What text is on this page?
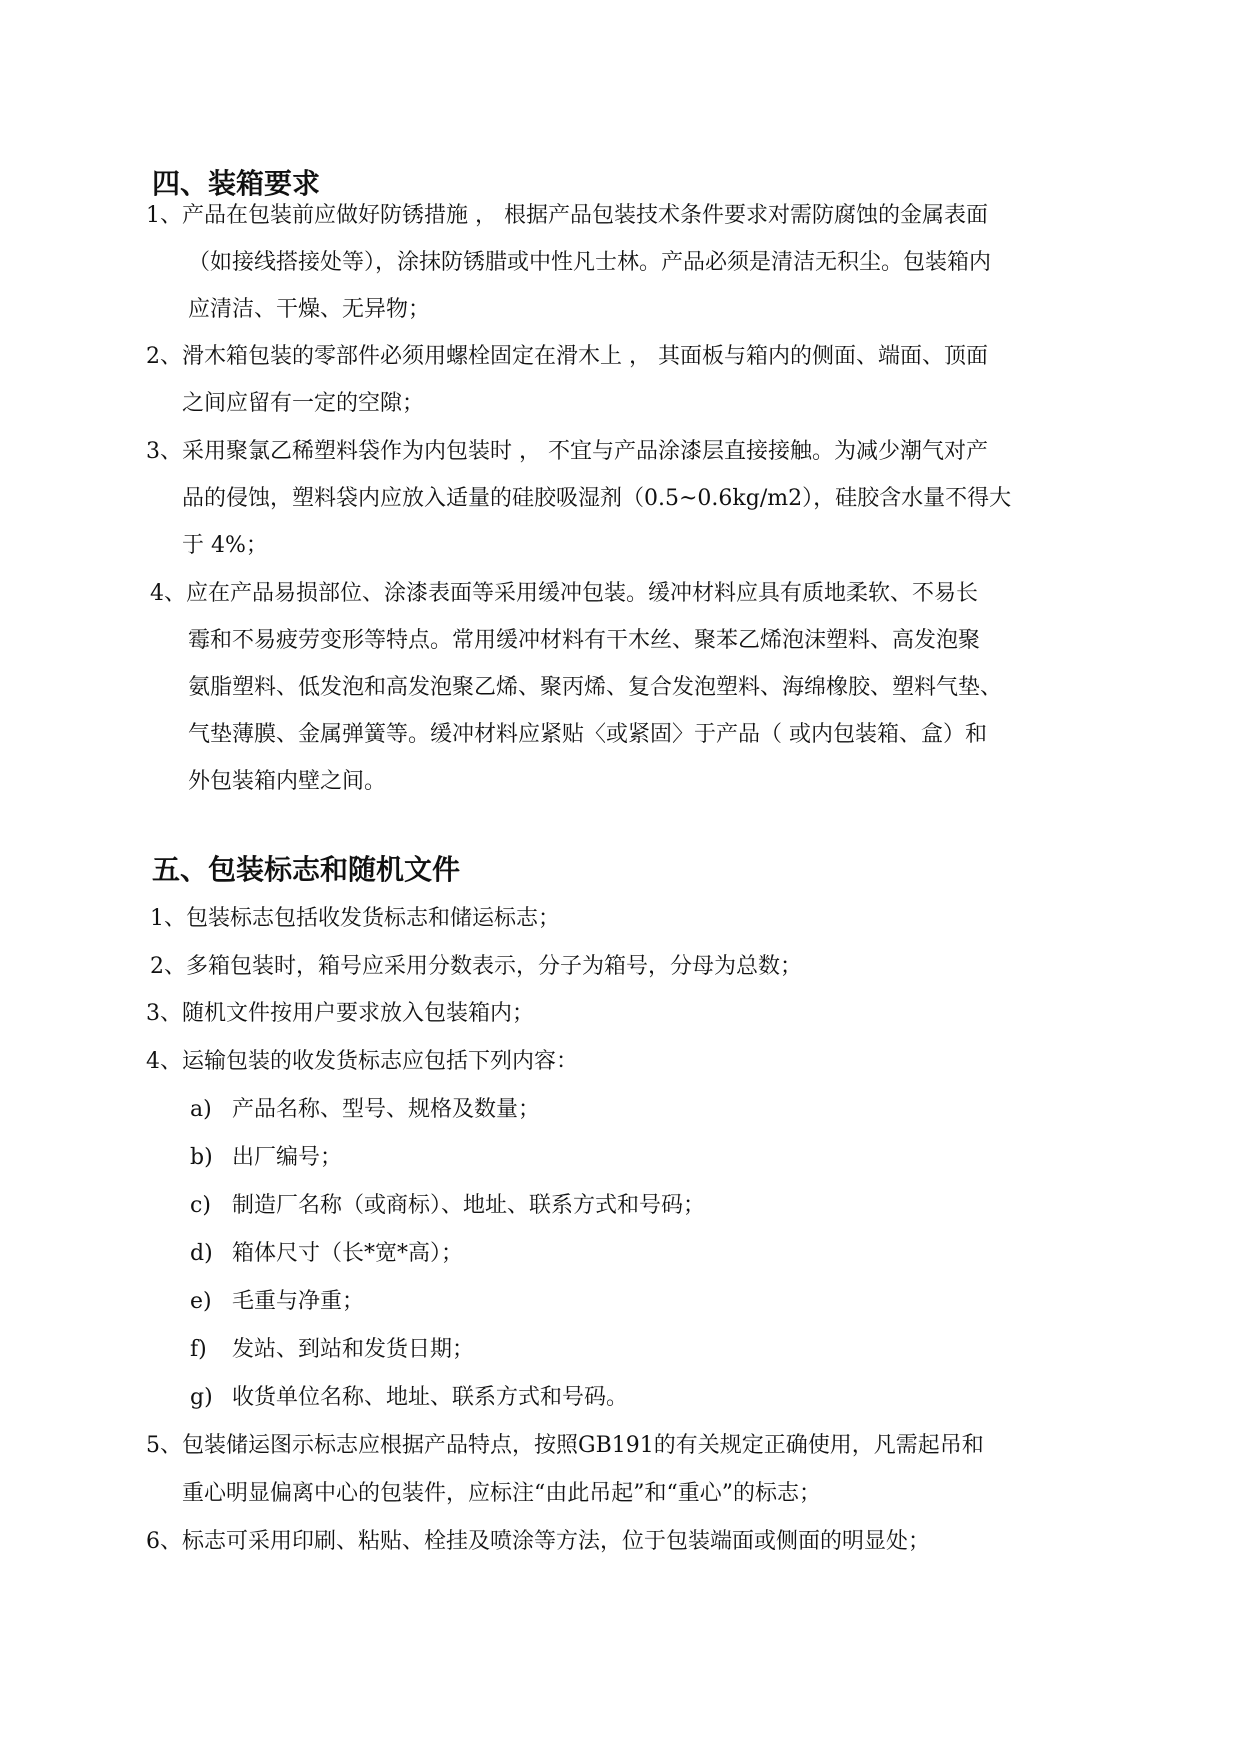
四、装箱要求
1、产品在包装前应做好防锈措施 ， 根据产品包装技术条件要求对需防腐蚀的金属表面
（如接线搭接处等），涂抹防锈腊或中性凡士林。产品必须是清洁无积尘。包装箱内
应清洁、干燥、无异物；
2、滑木箱包装的零部件必须用螺栓固定在滑木上 ， 其面板与箱内的侧面、端面、顶面
之间应留有一定的空隙；
3、采用聚氯乙稀塑料袋作为内包装时 ， 不宜与产品涂漆层直接接触。为减少潮气对产
品的侵蚀，塑料袋内应放入适量的硅胶吸湿剂（0.5~0.6kg/m2），硅胶含水量不得大
于 4%；
4、应在产品易损部位、涂漆表面等采用缓冲包装。缓冲材料应具有质地柔软、不易长
霉和不易疲劳变形等特点。常用缓冲材料有干木丝、聚苯乙烯泡沫塑料、高发泡聚
氨脂塑料、低发泡和高发泡聚乙烯、聚丙烯、复合发泡塑料、海绵橡胶、塑料气垫、
气垫薄膜、金属弹簧等。缓冲材料应紧贴〈或紧固〉于产品（ 或内包装箱、盒）和
外包装箱内壁之间。
五、包装标志和随机文件
1、包装标志包括收发货标志和储运标志；
2、多箱包装时，箱号应采用分数表示，分子为箱号，分母为总数；
3、随机文件按用户要求放入包装箱内；
4、运输包装的收发货标志应包括下列内容：
a) 产品名称、型号、规格及数量；
b) 出厂编号；
c) 制造厂名称（或商标）、地址、联系方式和号码；
d) 箱体尺寸（长*宽*高）；
e) 毛重与净重；
f) 发站、到站和发货日期；
g) 收货单位名称、地址、联系方式和号码。
5、包装储运图示标志应根据产品特点，按照GB191的有关规定正确使用，凡需起吊和
重心明显偏离中心的包装件，应标注“由此吊起”和“重心”的标志；
6、标志可采用印刷、粘贴、栓挂及喷涂等方法，位于包装端面或侧面的明显处；
